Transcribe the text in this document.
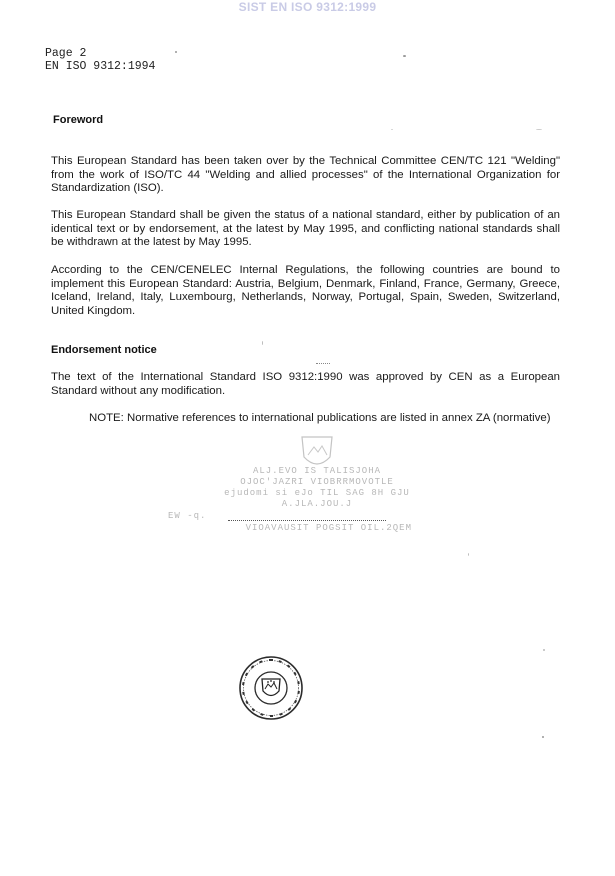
SIST EN ISO 9312:1999
Page 2
EN ISO 9312:1994
Foreword

This European Standard has been taken over by the Technical Committee CEN/TC 121 "Welding" from the work of ISO/TC 44 "Welding and allied processes" of the International Organization for Standardization (ISO).

This European Standard shall be given the status of a national standard, either by publication of an identical text or by endorsement, at the latest by May 1995, and conflicting national standards shall be withdrawn at the latest by May 1995.

According to the CEN/CENELEC Internal Regulations, the following countries are bound to implement this European Standard: Austria, Belgium, Denmark, Finland, France, Germany, Greece, Iceland, Ireland, Italy, Luxembourg, Netherlands, Norway, Portugal, Spain, Sweden, Switzerland, United Kingdom.

Endorsement notice

The text of the International Standard ISO 9312:1990 was approved by CEN as a European Standard without any modification.

NOTE: Normative references to international publications are listed in annex ZA (normative)

ALJ.EVO IS TALISJOHA
OJOC'JAZRI VIOBRRMOVOTLE
ejudomi si eJo TIL SAG 8H GJU
A.JLA.JOU.J
EW -q.
VIOAVAUSIT POGSIT OIL.2QEM
